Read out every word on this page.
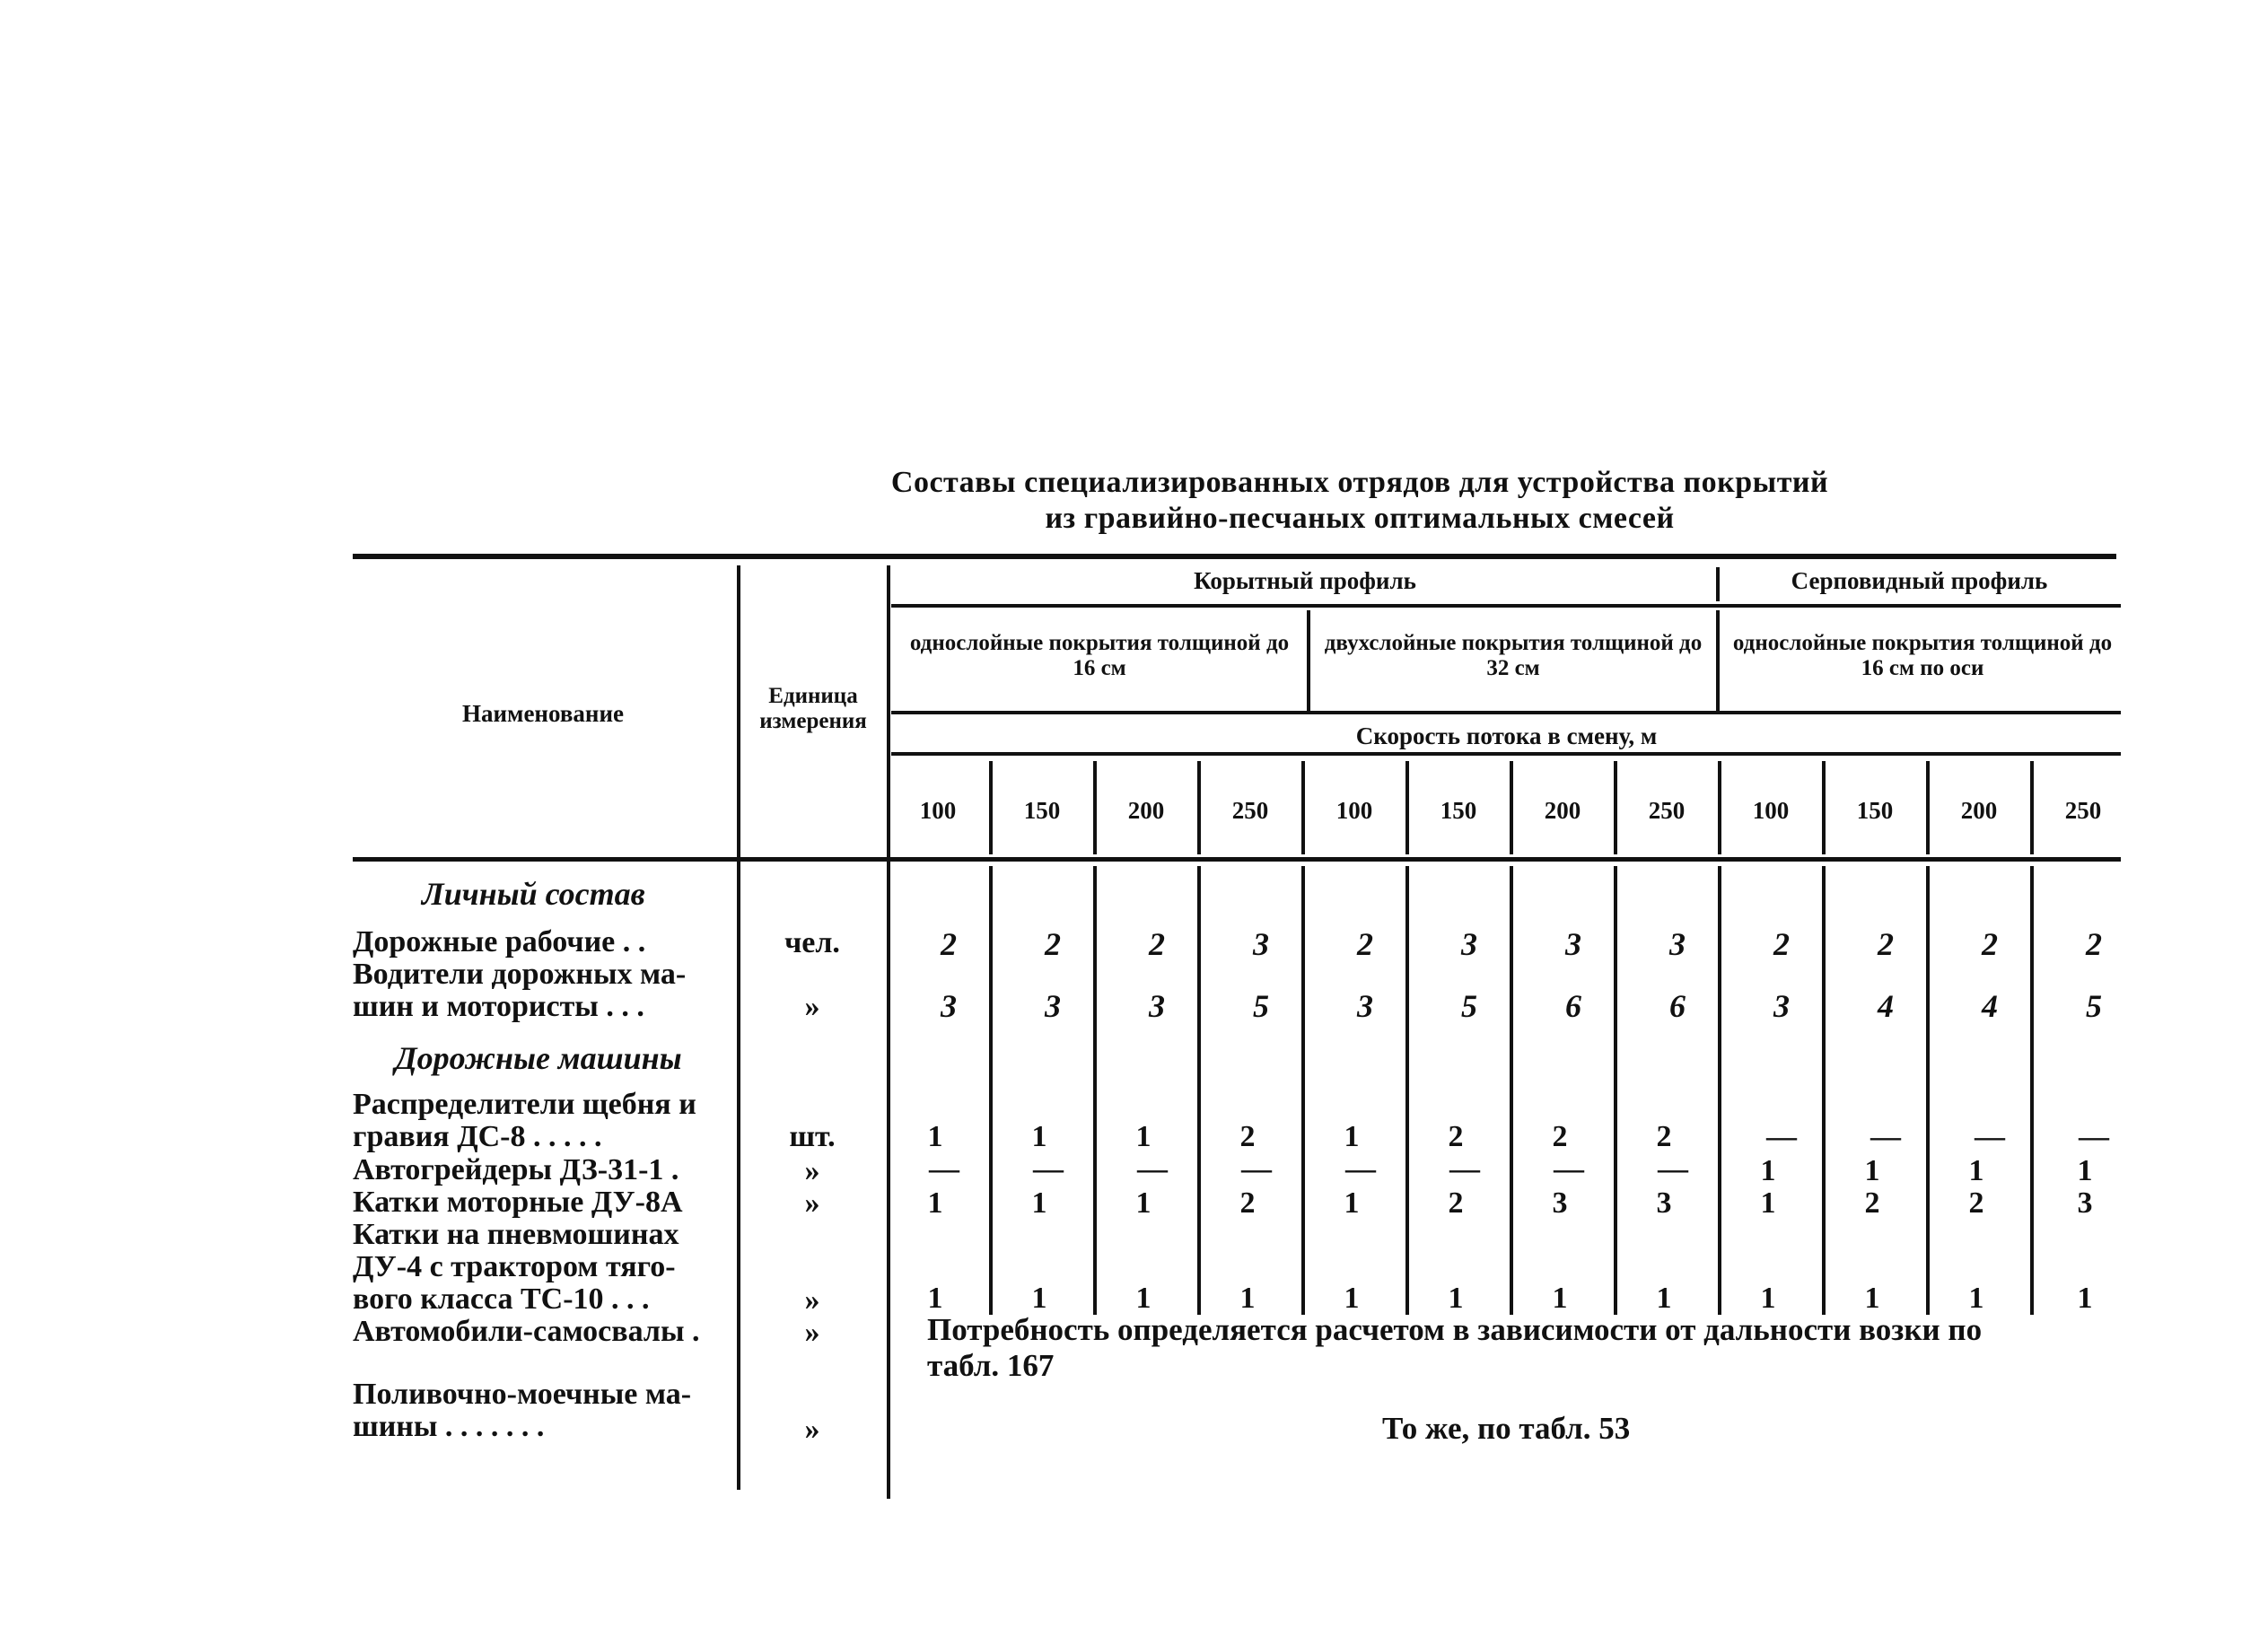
Составы специализированных отрядов для устройства покрытий
из гравийно-песчаных оптимальных смесей
Наименование
Единица
измерения
Корытный профиль	Серповидный профиль
однослойные покрытия толщиной до 16 см
двухслойные покрытия толщиной до 32 см
однослойные покрытия толщиной до 16 см по оси
Скорость потока в смену, м
100	150	200	250	100	150	200	250	100	150	200	250
Личный состав
Дорожные машины
Дорожные рабочие . .	чел.	2	2	2	3	2	3	3	3	2	2	2	2
Водители дорожных ма-
шин и мотористы . . .	»	3	3	3	5	3	5	6	6	3	4	4	5
Распределители щебня и
гравия ДС-8 . . . . .	шт.	1	1	1	2	1	2	2	2	—	—	—	—
Автогрейдеры ДЗ-31-1 .	»	—	—	—	—	—	—	—	—	1	1	1	1
Катки моторные ДУ-8А	»	1	1	1	2	1	2	3	3	1	2	2	3
Катки на пневмошинах
ДУ-4 с трактором тяго-
вого класса ТС-10 . . .	»	1	1	1	1	1	1	1	1	1	1	1	1
Автомобили-самосвалы .	»	Потребность определяется расчетом в зависимости от дальности возки по
табл. 167
Поливочно-моечные ма-
шины . . . . . . .	»	То же, по табл. 53
